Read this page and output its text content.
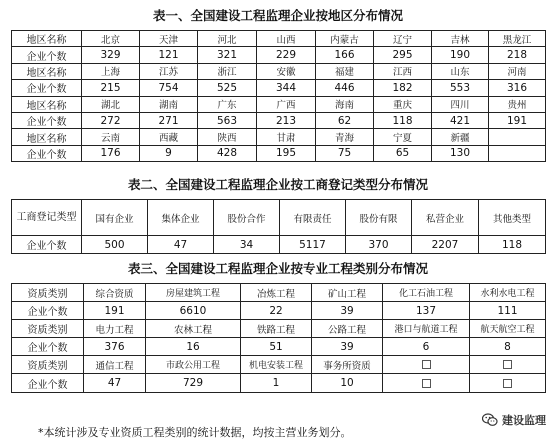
表一、全国建设工程监理企业按地区分布情况
地区名称	北京	天津	河北	山西	内蒙古	辽宁	吉林	黑龙江
企业个数	329	121	321	229	166	295	190	218
地区名称	上海	江苏	浙江	安徽	福建	江西	山东	河南
企业个数	215	754	525	344	446	182	553	316
地区名称	湖北	湖南	广东	广西	海南	重庆	四川	贵州
企业个数	272	271	563	213	62	118	421	191
地区名称	云南	西藏	陕西	甘肃	青海	宁夏	新疆	
企业个数	176	9	428	195	75	65	130	
表二、全国建设工程监理企业按工商登记类型分布情况
工商登记类型	国有企业	集体企业	股份合作	有限责任	股份有限	私营企业	其他类型
企业个数	500	47	34	5117	370	2207	118
表三、全国建设工程监理企业按专业工程类别分布情况
资质类别	综合资质	房屋建筑工程	冶炼工程	矿山工程	化工石油工程	水利水电工程
企业个数	191	6610	22	39	137	111
资质类别	电力工程	农林工程	铁路工程	公路工程	港口与航道工程	航天航空工程
企业个数	376	16	51	39	6	8
资质类别	通信工程	市政公用工程	机电安装工程	事务所资质		
企业个数	47	729	1	10		
*本统计涉及专业资质工程类别的统计数据，均按主营业务划分。
建设监理
